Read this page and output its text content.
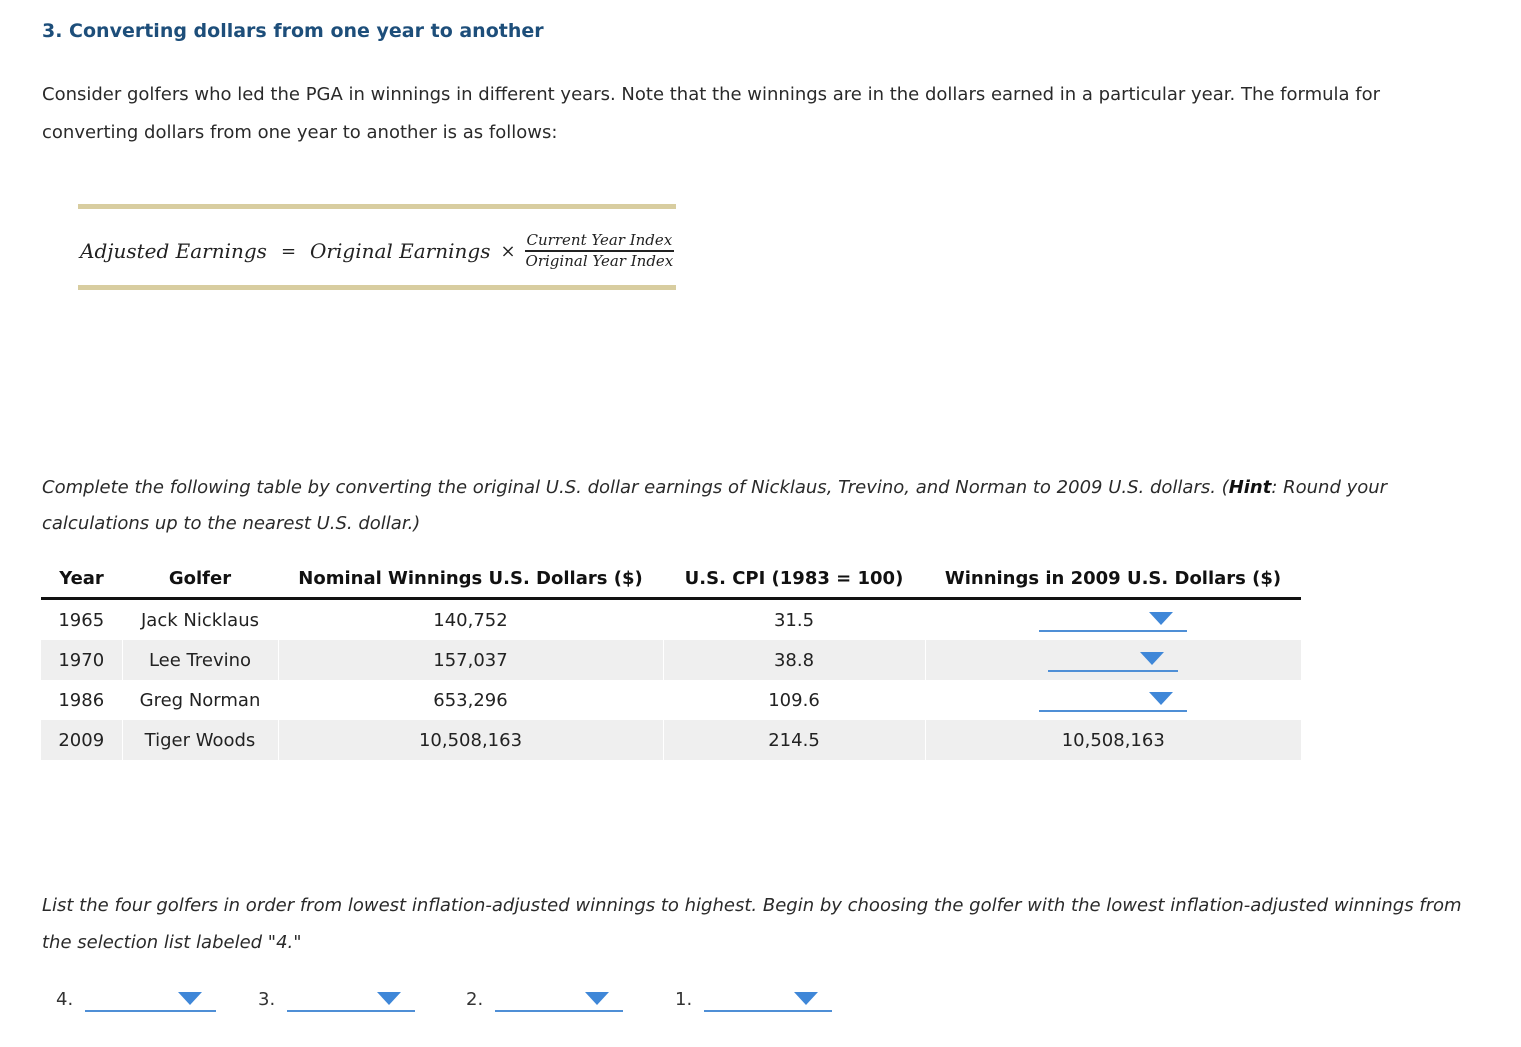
3. Converting dollars from one year to another
Consider golfers who led the PGA in winnings in different years. Note that the winnings are in the dollars earned in a particular year. The formula for converting dollars from one year to another is as follows:
Adjusted Earnings = Original Earnings × $\frac{\text{Current Year Index}}{\text{Original Year Index}}$
Complete the following table by converting the original U.S. dollar earnings of Nicklaus, Trevino, and Norman to 2009 U.S. dollars. (Hint: Round your calculations up to the nearest U.S. dollar.)
Year	Golfer	Nominal Winnings U.S. Dollars ($)	U.S. CPI (1983 = 100)	Winnings in 2009 U.S. Dollars ($)
1965	Jack Nicklaus	140,752	31.5	

1970	Lee Trevino	157,037	38.8	

1986	Greg Norman	653,296	109.6	

2009	Tiger Woods	10,508,163	214.5	10,508,163
List the four golfers in order from lowest inflation-adjusted winnings to highest. Begin by choosing the golfer with the lowest inflation-adjusted winnings from the selection list labeled "4."
4.	3.	2.	1.
